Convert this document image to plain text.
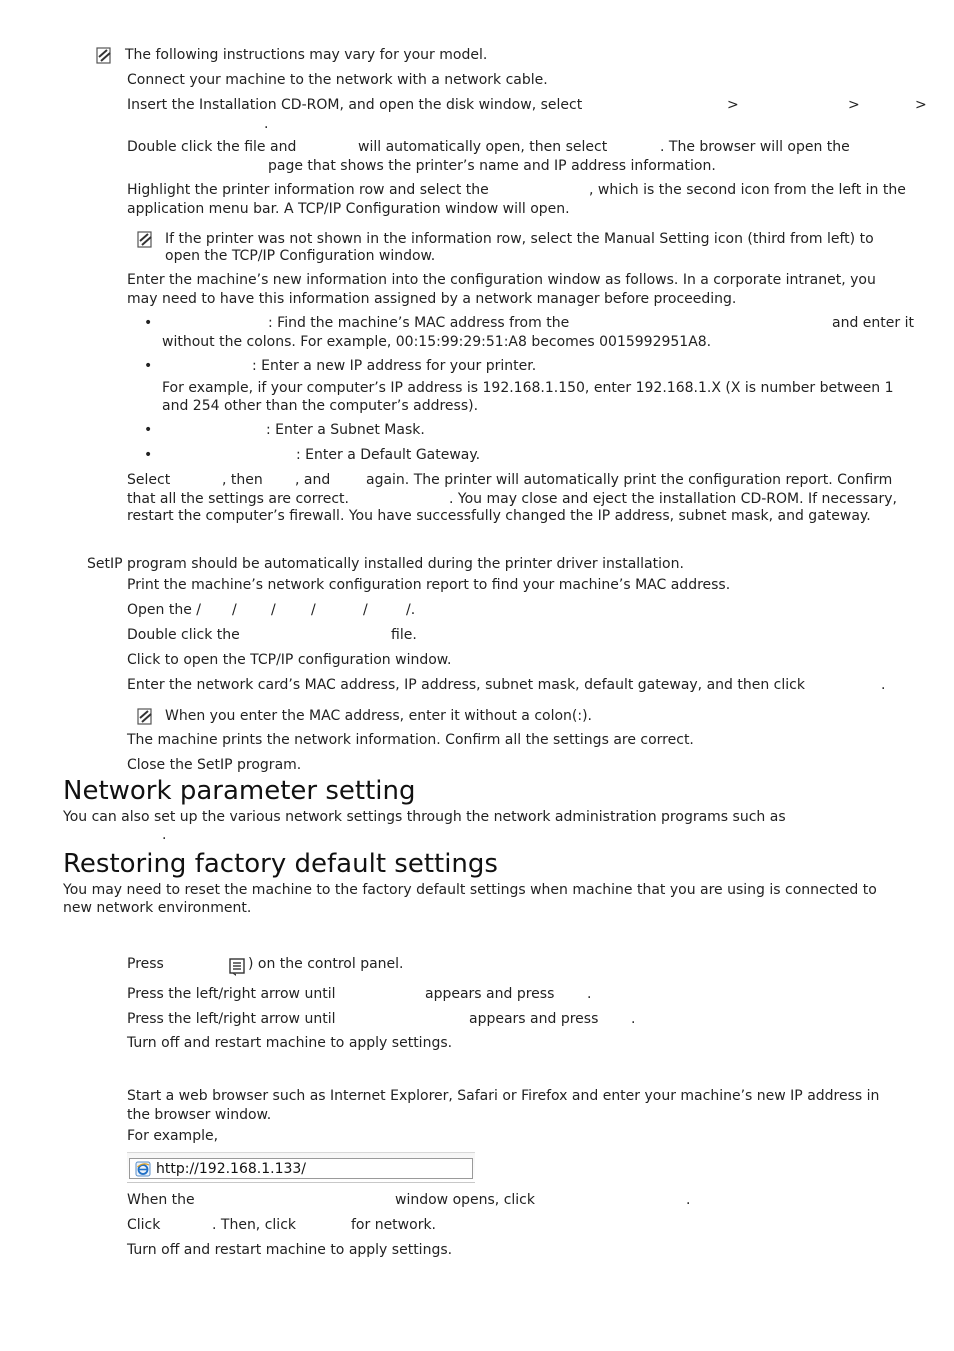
The following instructions may vary for your model.
Connect your machine to the network with a network cable.
Insert the Installation CD-ROM, and open the disk window, select	>	>	>
.
Double click the file and	will automatically open, then select	. The browser will open the
page that shows the printer’s name and IP address information.
Highlight the printer information row and select the	, which is the second icon from the left in the
application menu bar. A TCP/IP Configuration window will open.
If the printer was not shown in the information row, select the Manual Setting icon (third from left) to
open the TCP/IP Configuration window.
Enter the machine’s new information into the configuration window as follows. In a corporate intranet, you
may need to have this information assigned by a network manager before proceeding.
•	: Find the machine’s MAC address from the	and enter it
without the colons. For example, 00:15:99:29:51:A8 becomes 0015992951A8.
•	: Enter a new IP address for your printer.
For example, if your computer’s IP address is 192.168.1.150, enter 192.168.1.X (X is number between 1
and 254 other than the computer’s address).
•	: Enter a Subnet Mask.
•	: Enter a Default Gateway.
Select	, then , and	again. The printer will automatically print the configuration report. Confirm
that all the settings are correct.	. You may close and eject the installation CD-ROM. If necessary,
restart the computer’s firewall. You have successfully changed the IP address, subnet mask, and gateway.
SetIP program should be automatically installed during the printer driver installation.
Print the machine’s network configuration report to find your machine’s MAC address.
Open the / / /	/	/	/.
Double click the	file.
Click to open the TCP/IP configuration window.
Enter the network card’s MAC address, IP address, subnet mask, default gateway, and then click	.
When you enter the MAC address, enter it without a colon(:).
The machine prints the network information. Confirm all the settings are correct.
Close the SetIP program.
Network parameter setting
You can also set up the various network settings through the network administration programs such as
.
Restoring factory default settings
You may need to reset the machine to the factory default settings when machine that you are using is connected to
new network environment.
Press	) on the control panel.
Press the left/right arrow until	appears and press .
Press the left/right arrow until	appears and press .
Turn off and restart machine to apply settings.
Start a web browser such as Internet Explorer, Safari or Firefox and enter your machine’s new IP address in
the browser window.
For example,
http://192.168.1.133/
When the	window opens, click	.
Click	. Then, click	for network.
Turn off and restart machine to apply settings.
